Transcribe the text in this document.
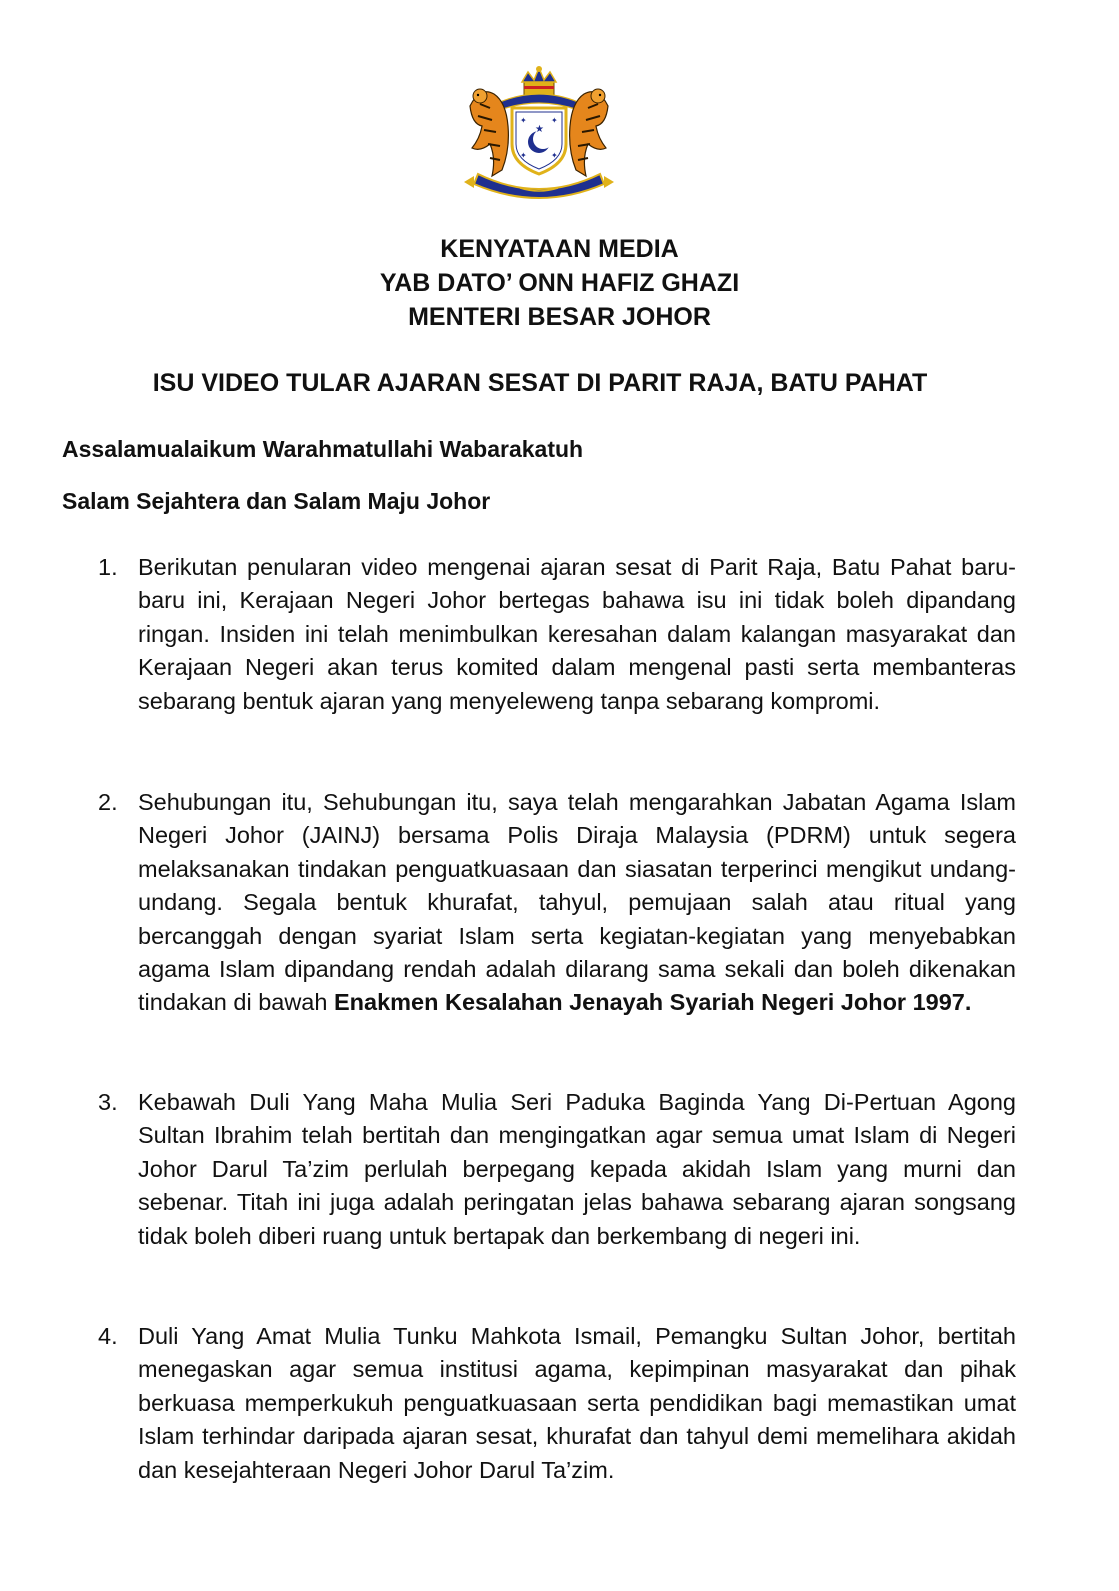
✦	✦
✦	✦
★
KENYATAAN MEDIA
YAB DATO’ ONN HAFIZ GHAZI
MENTERI BESAR JOHOR
ISU VIDEO TULAR AJARAN SESAT DI PARIT RAJA, BATU PAHAT
Assalamualaikum Warahmatullahi Wabarakatuh
Salam Sejahtera dan Salam Maju Johor
1. Berikutan penularan video mengenai ajaran sesat di Parit Raja, Batu Pahat baru-baru ini, Kerajaan Negeri Johor bertegas bahawa isu ini tidak boleh dipandang ringan. Insiden ini telah menimbulkan keresahan dalam kalangan masyarakat dan Kerajaan Negeri akan terus komited dalam mengenal pasti serta membanteras sebarang bentuk ajaran yang menyeleweng tanpa sebarang kompromi.
2. Sehubungan itu, Sehubungan itu, saya telah mengarahkan Jabatan Agama Islam Negeri Johor (JAINJ) bersama Polis Diraja Malaysia (PDRM) untuk segera melaksanakan tindakan penguatkuasaan dan siasatan terperinci mengikut undang-undang. Segala bentuk khurafat, tahyul, pemujaan salah atau ritual yang bercanggah dengan syariat Islam serta kegiatan-kegiatan yang menyebabkan agama Islam dipandang rendah adalah dilarang sama sekali dan boleh dikenakan tindakan di bawah Enakmen Kesalahan Jenayah Syariah Negeri Johor 1997.
3. Kebawah Duli Yang Maha Mulia Seri Paduka Baginda Yang Di-Pertuan Agong Sultan Ibrahim telah bertitah dan mengingatkan agar semua umat Islam di Negeri Johor Darul Ta’zim perlulah berpegang kepada akidah Islam yang murni dan sebenar. Titah ini juga adalah peringatan jelas bahawa sebarang ajaran songsang tidak boleh diberi ruang untuk bertapak dan berkembang di negeri ini.
4. Duli Yang Amat Mulia Tunku Mahkota Ismail, Pemangku Sultan Johor, bertitah menegaskan agar semua institusi agama, kepimpinan masyarakat dan pihak berkuasa memperkukuh penguatkuasaan serta pendidikan bagi memastikan umat Islam terhindar daripada ajaran sesat, khurafat dan tahyul demi memelihara akidah dan kesejahteraan Negeri Johor Darul Ta’zim.
